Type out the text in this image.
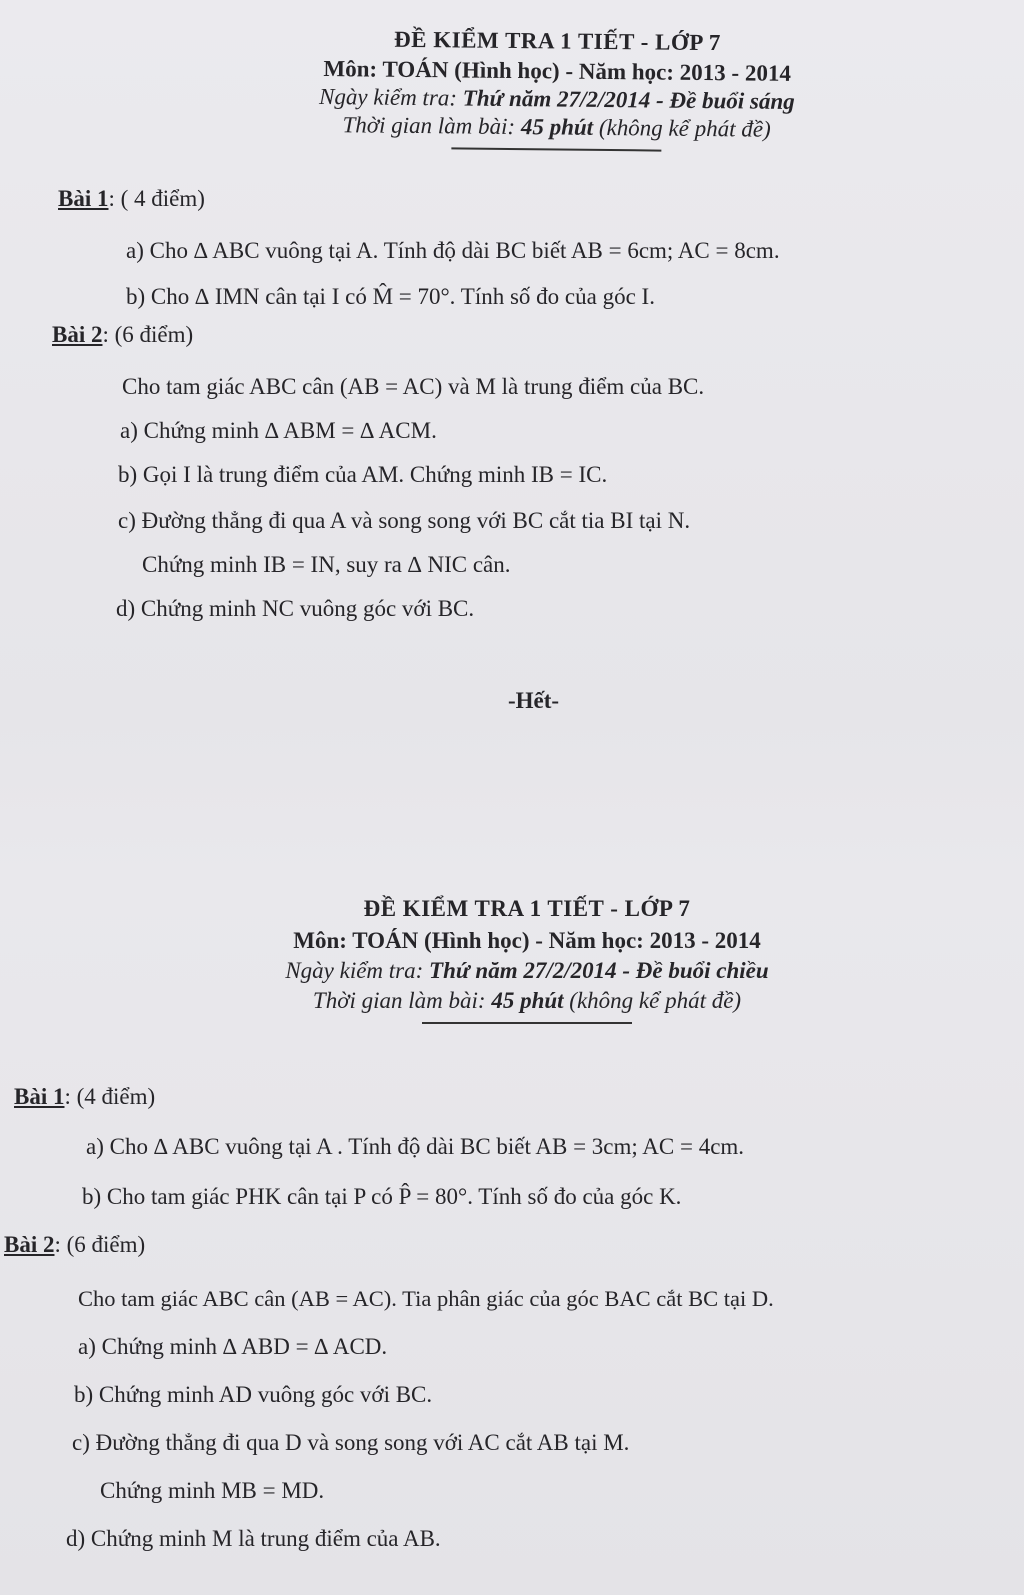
ĐỀ KIỂM TRA 1 TIẾT - LỚP 7
Môn: TOÁN (Hình học) - Năm học: 2013 - 2014
Ngày kiểm tra: Thứ năm 27/2/2014 - Đề buổi sáng
Thời gian làm bài: 45 phút (không kể phát đề)
Bài 1: ( 4 điểm)
a) Cho ∆ ABC vuông tại A. Tính độ dài BC biết AB = 6cm; AC = 8cm.
b) Cho ∆ IMN cân tại I có M̂ = 70°. Tính số đo của góc I.
Bài 2: (6 điểm)
Cho tam giác ABC cân (AB = AC) và M là trung điểm của BC.
a) Chứng minh ∆ ABM = ∆ ACM.
b) Gọi I là trung điểm của AM. Chứng minh IB = IC.
c) Đường thẳng đi qua A và song song với BC cắt tia BI tại N.
Chứng minh IB = IN, suy ra ∆ NIC cân.
d) Chứng minh NC vuông góc với BC.
-Hết-
ĐỀ KIỂM TRA 1 TIẾT - LỚP 7
Môn: TOÁN (Hình học) - Năm học: 2013 - 2014
Ngày kiểm tra: Thứ năm 27/2/2014 - Đề buổi chiều
Thời gian làm bài: 45 phút (không kể phát đề)
Bài 1: (4 điểm)
a) Cho ∆ ABC vuông tại A . Tính độ dài BC biết AB = 3cm; AC = 4cm.
b) Cho tam giác PHK cân tại P có P̂ = 80°. Tính số đo của góc K.
Bài 2: (6 điểm)
Cho tam giác ABC cân (AB = AC). Tia phân giác của góc BAC cắt BC tại D.
a) Chứng minh ∆ ABD = ∆ ACD.
b) Chứng minh AD vuông góc với BC.
c) Đường thẳng đi qua D và song song với AC cắt AB tại M.
Chứng minh MB = MD.
d) Chứng minh M là trung điểm của AB.
